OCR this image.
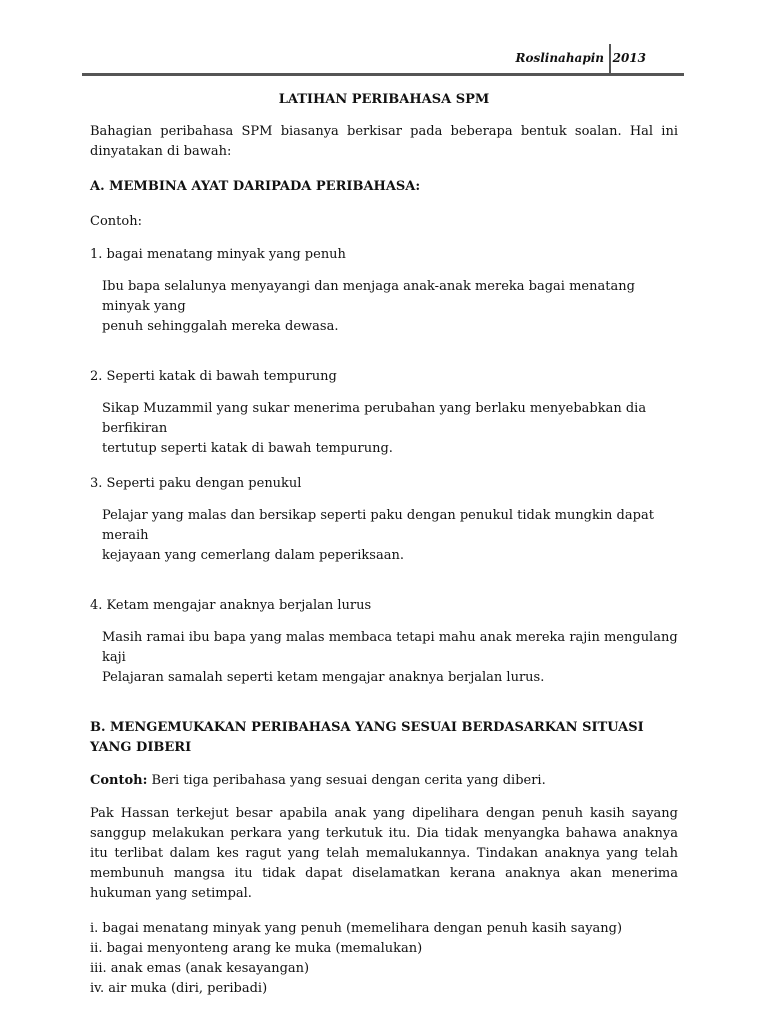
Roslinahapin 2013
LATIHAN PERIBAHASA SPM

Bahagian peribahasa SPM biasanya berkisar pada beberapa bentuk soalan. Hal ini dinyatakan di bawah:

A. MEMBINA AYAT DARIPADA PERIBAHASA:
Contoh:
1. bagai menatang minyak yang penuh
Ibu bapa selalunya menyayangi dan menjaga anak-anak mereka bagai menatang minyak yang
penuh sehinggalah mereka dewasa.
2. Seperti katak di bawah tempurung
Sikap Muzammil yang sukar menerima perubahan yang berlaku menyebabkan dia berfikiran
tertutup seperti katak di bawah tempurung.
3. Seperti paku dengan penukul
Pelajar yang malas dan bersikap seperti paku dengan penukul tidak mungkin dapat meraih
kejayaan yang cemerlang dalam peperiksaan.
4. Ketam mengajar anaknya berjalan lurus
Masih ramai ibu bapa yang malas membaca tetapi mahu anak mereka rajin mengulang kaji
Pelajaran samalah seperti ketam mengajar anaknya berjalan lurus.
B. MENGEMUKAKAN PERIBAHASA YANG SESUAI BERDASARKAN SITUASI YANG DIBERI

Contoh: Beri tiga peribahasa yang sesuai dengan cerita yang diberi.

Pak Hassan terkejut besar apabila anak yang dipelihara dengan penuh kasih sayang sanggup melakukan perkara yang terkutuk itu. Dia tidak menyangka bahawa anaknya itu terlibat dalam kes ragut yang telah memalukannya. Tindakan anaknya yang telah membunuh mangsa itu tidak dapat diselamatkan kerana anaknya akan menerima hukuman yang setimpal.

i. bagai menatang minyak yang penuh (memelihara dengan penuh kasih sayang)
ii. bagai menyonteng arang ke muka (memalukan)
iii. anak emas (anak kesayangan)
iv. air muka (diri, peribadi)
